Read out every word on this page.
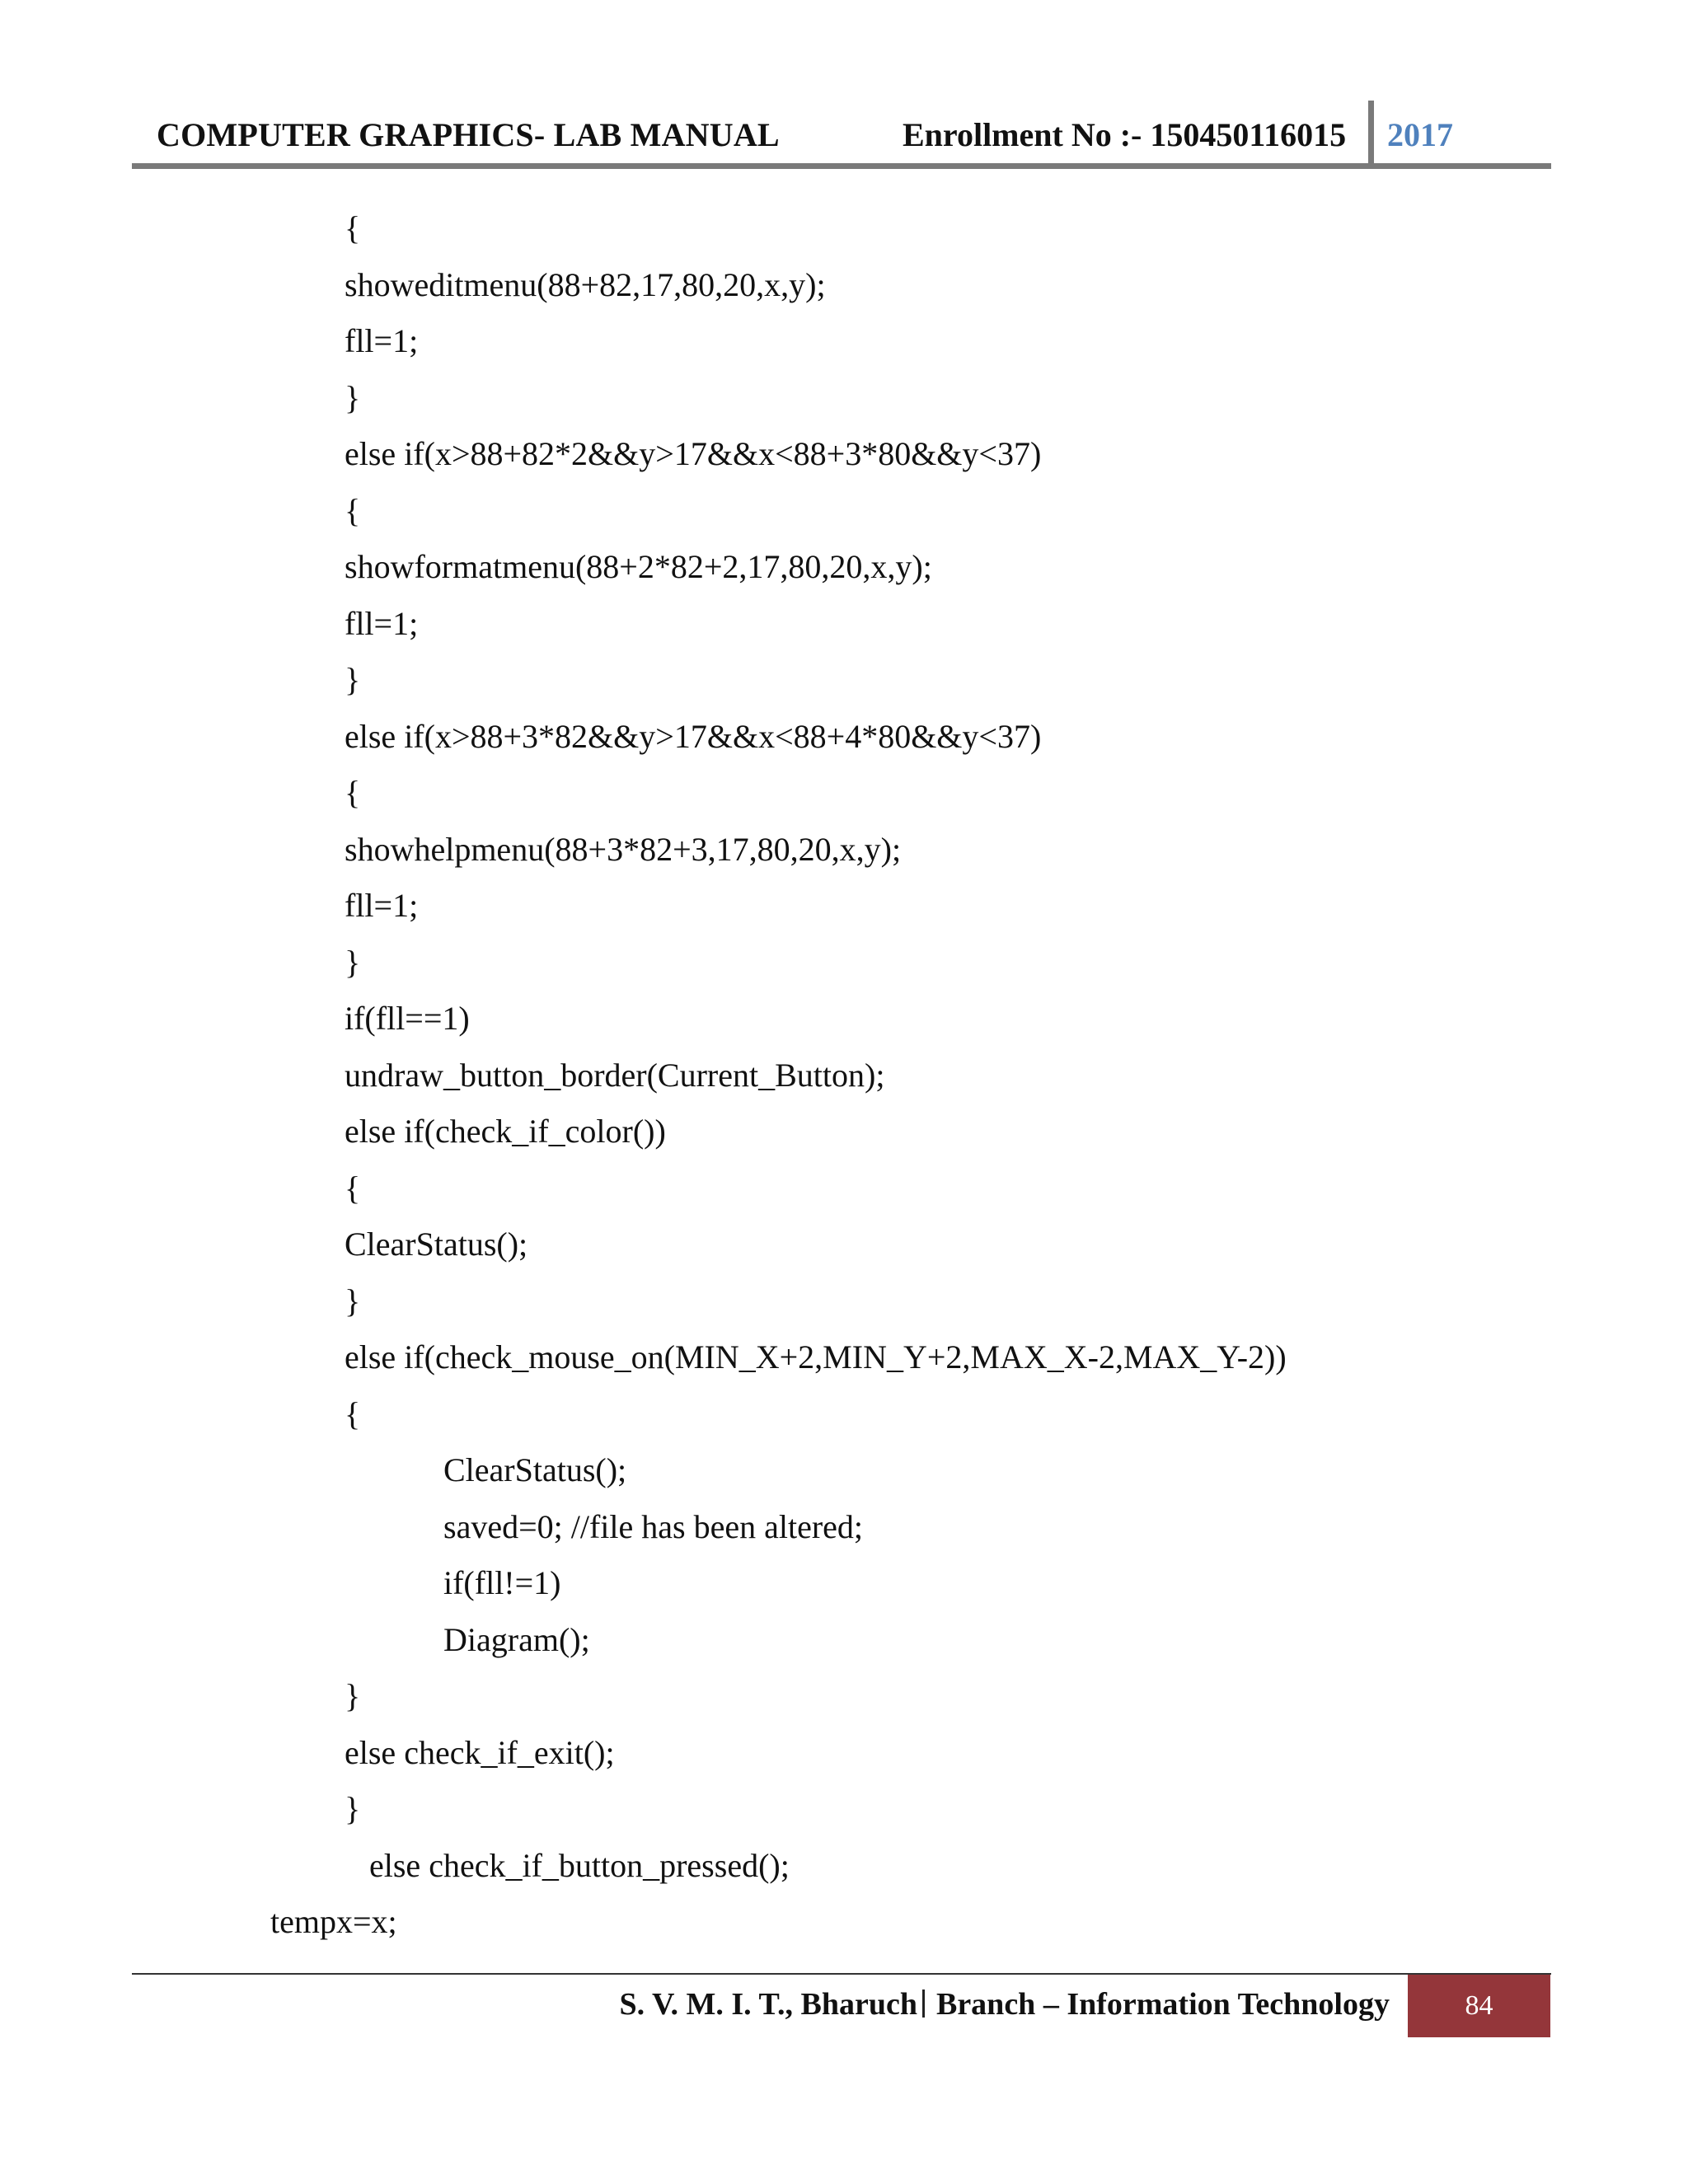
COMPUTER GRAPHICS- LAB MANUAL	Enrollment No :- 150450116015 2017
{
showeditmenu(88+82,17,80,20,x,y);
fll=1;
}
else if(x>88+82*2&&y>17&&x<88+3*80&&y<37)
{
showformatmenu(88+2*82+2,17,80,20,x,y);
fll=1;
}
else if(x>88+3*82&&y>17&&x<88+4*80&&y<37)
{
showhelpmenu(88+3*82+3,17,80,20,x,y);
fll=1;
}
if(fll==1)
undraw_button_border(Current_Button);
else if(check_if_color())
{
ClearStatus();
}
else if(check_mouse_on(MIN_X+2,MIN_Y+2,MAX_X-2,MAX_Y-2))
{
ClearStatus();
saved=0; //file has been altered;
if(fll!=1)
Diagram();
}
else check_if_exit();
}
else check_if_button_pressed();
tempx=x;
S. V. M. I. T., Bharuch Branch – Information Technology	84
